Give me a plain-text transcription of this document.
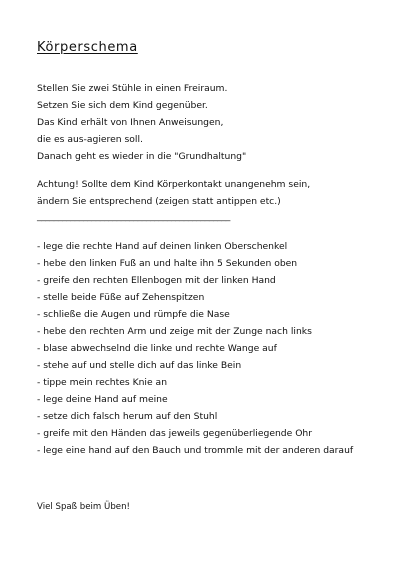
Körperschema
Stellen Sie zwei Stühle in einen Freiraum.
Setzen Sie sich dem Kind gegenüber.
Das Kind erhält von Ihnen Anweisungen,
die es aus-agieren soll.
Danach geht es wieder in die "Grundhaltung"
Achtung! Sollte dem Kind Körperkontakt unangenehm sein,
ändern Sie entsprechend (zeigen statt antippen etc.)
______________________________________________
- lege die rechte Hand auf deinen linken Oberschenkel
- hebe den linken Fuß an und halte ihn 5 Sekunden oben
- greife den rechten Ellenbogen mit der linken Hand
- stelle beide Füße auf Zehenspitzen
- schließe die Augen und rümpfe die Nase
- hebe den rechten Arm und zeige mit der Zunge nach links
- blase abwechselnd die linke und rechte Wange auf
- stehe auf und stelle dich auf das linke Bein
- tippe mein rechtes Knie an
- lege deine Hand auf meine
- setze dich falsch herum auf den Stuhl
- greife mit den Händen das jeweils gegenüberliegende Ohr
- lege eine hand auf den Bauch und trommle mit der anderen darauf
Viel Spaß beim Üben!
